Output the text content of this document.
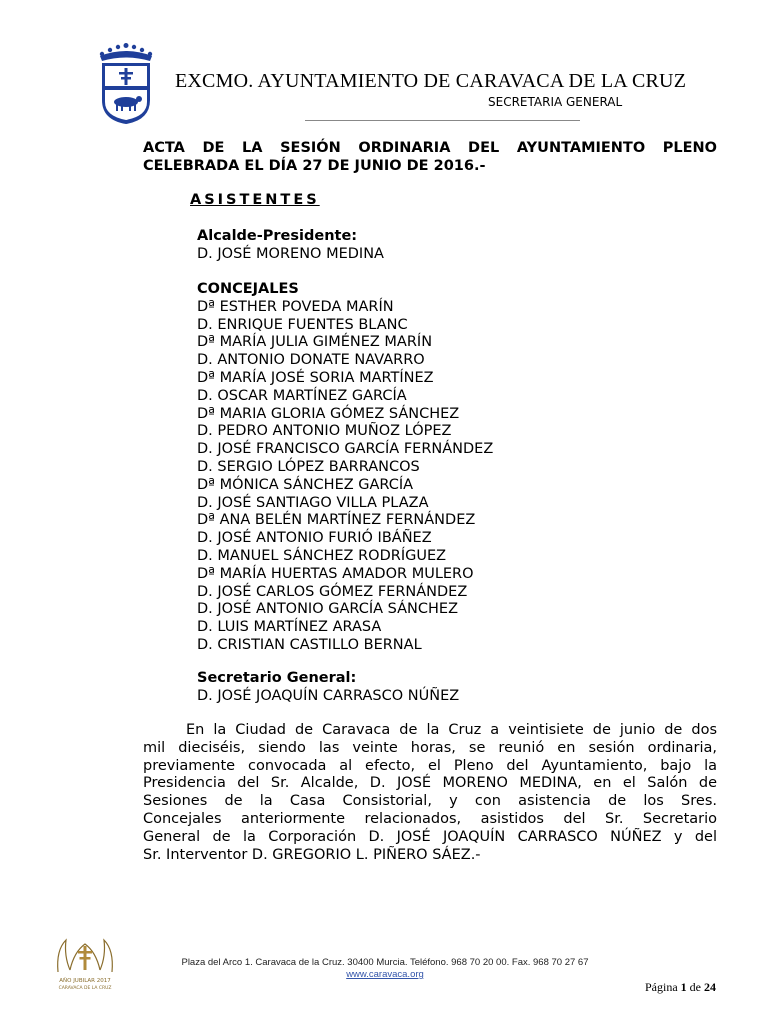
EXCMO. AYUNTAMIENTO DE CARAVACA DE LA CRUZ
SECRETARIA GENERAL
ACTA DE LA SESIÓN ORDINARIA DEL AYUNTAMIENTO PLENO
CELEBRADA EL DÍA 27 DE JUNIO DE 2016.-
ASISTENTES
Alcalde-Presidente:
D. JOSÉ MORENO MEDINA
CONCEJALES
Dª ESTHER POVEDA MARÍN
D. ENRIQUE FUENTES BLANC
Dª MARÍA JULIA GIMÉNEZ MARÍN
D. ANTONIO DONATE NAVARRO
Dª MARÍA JOSÉ SORIA MARTÍNEZ
D. OSCAR MARTÍNEZ GARCÍA
Dª MARIA GLORIA GÓMEZ SÁNCHEZ
D. PEDRO ANTONIO MUÑOZ LÓPEZ
D. JOSÉ FRANCISCO GARCÍA FERNÁNDEZ
D. SERGIO LÓPEZ BARRANCOS
Dª MÓNICA SÁNCHEZ GARCÍA
D. JOSÉ SANTIAGO VILLA PLAZA
Dª ANA BELÉN MARTÍNEZ FERNÁNDEZ
D. JOSÉ ANTONIO FURIÓ IBÁÑEZ
D. MANUEL SÁNCHEZ RODRÍGUEZ
Dª MARÍA HUERTAS AMADOR MULERO
D. JOSÉ CARLOS GÓMEZ FERNÁNDEZ
D. JOSÉ ANTONIO GARCÍA SÁNCHEZ
D. LUIS MARTÍNEZ ARASA
D. CRISTIAN CASTILLO BERNAL
Secretario General:
D. JOSÉ JOAQUÍN CARRASCO NÚÑEZ
En la Ciudad de Caravaca de la Cruz a veintisiete de junio de dos
mil dieciséis, siendo las veinte horas, se reunió en sesión ordinaria,
previamente convocada al efecto, el Pleno del Ayuntamiento, bajo la
Presidencia del Sr. Alcalde, D. JOSÉ MORENO MEDINA, en el Salón de
Sesiones de la Casa Consistorial, y con asistencia de los Sres.
Concejales anteriormente relacionados, asistidos del Sr. Secretario
General de la Corporación D. JOSÉ JOAQUÍN CARRASCO NÚÑEZ y del
Sr. Interventor D. GREGORIO L. PIÑERO SÁEZ.-
AÑO JUBILAR 2017
CARAVACA DE LA CRUZ
Plaza del Arco 1. Caravaca de la Cruz. 30400 Murcia. Teléfono. 968 70 20 00. Fax. 968 70 27 67
www.caravaca.org
Página 1 de 24
